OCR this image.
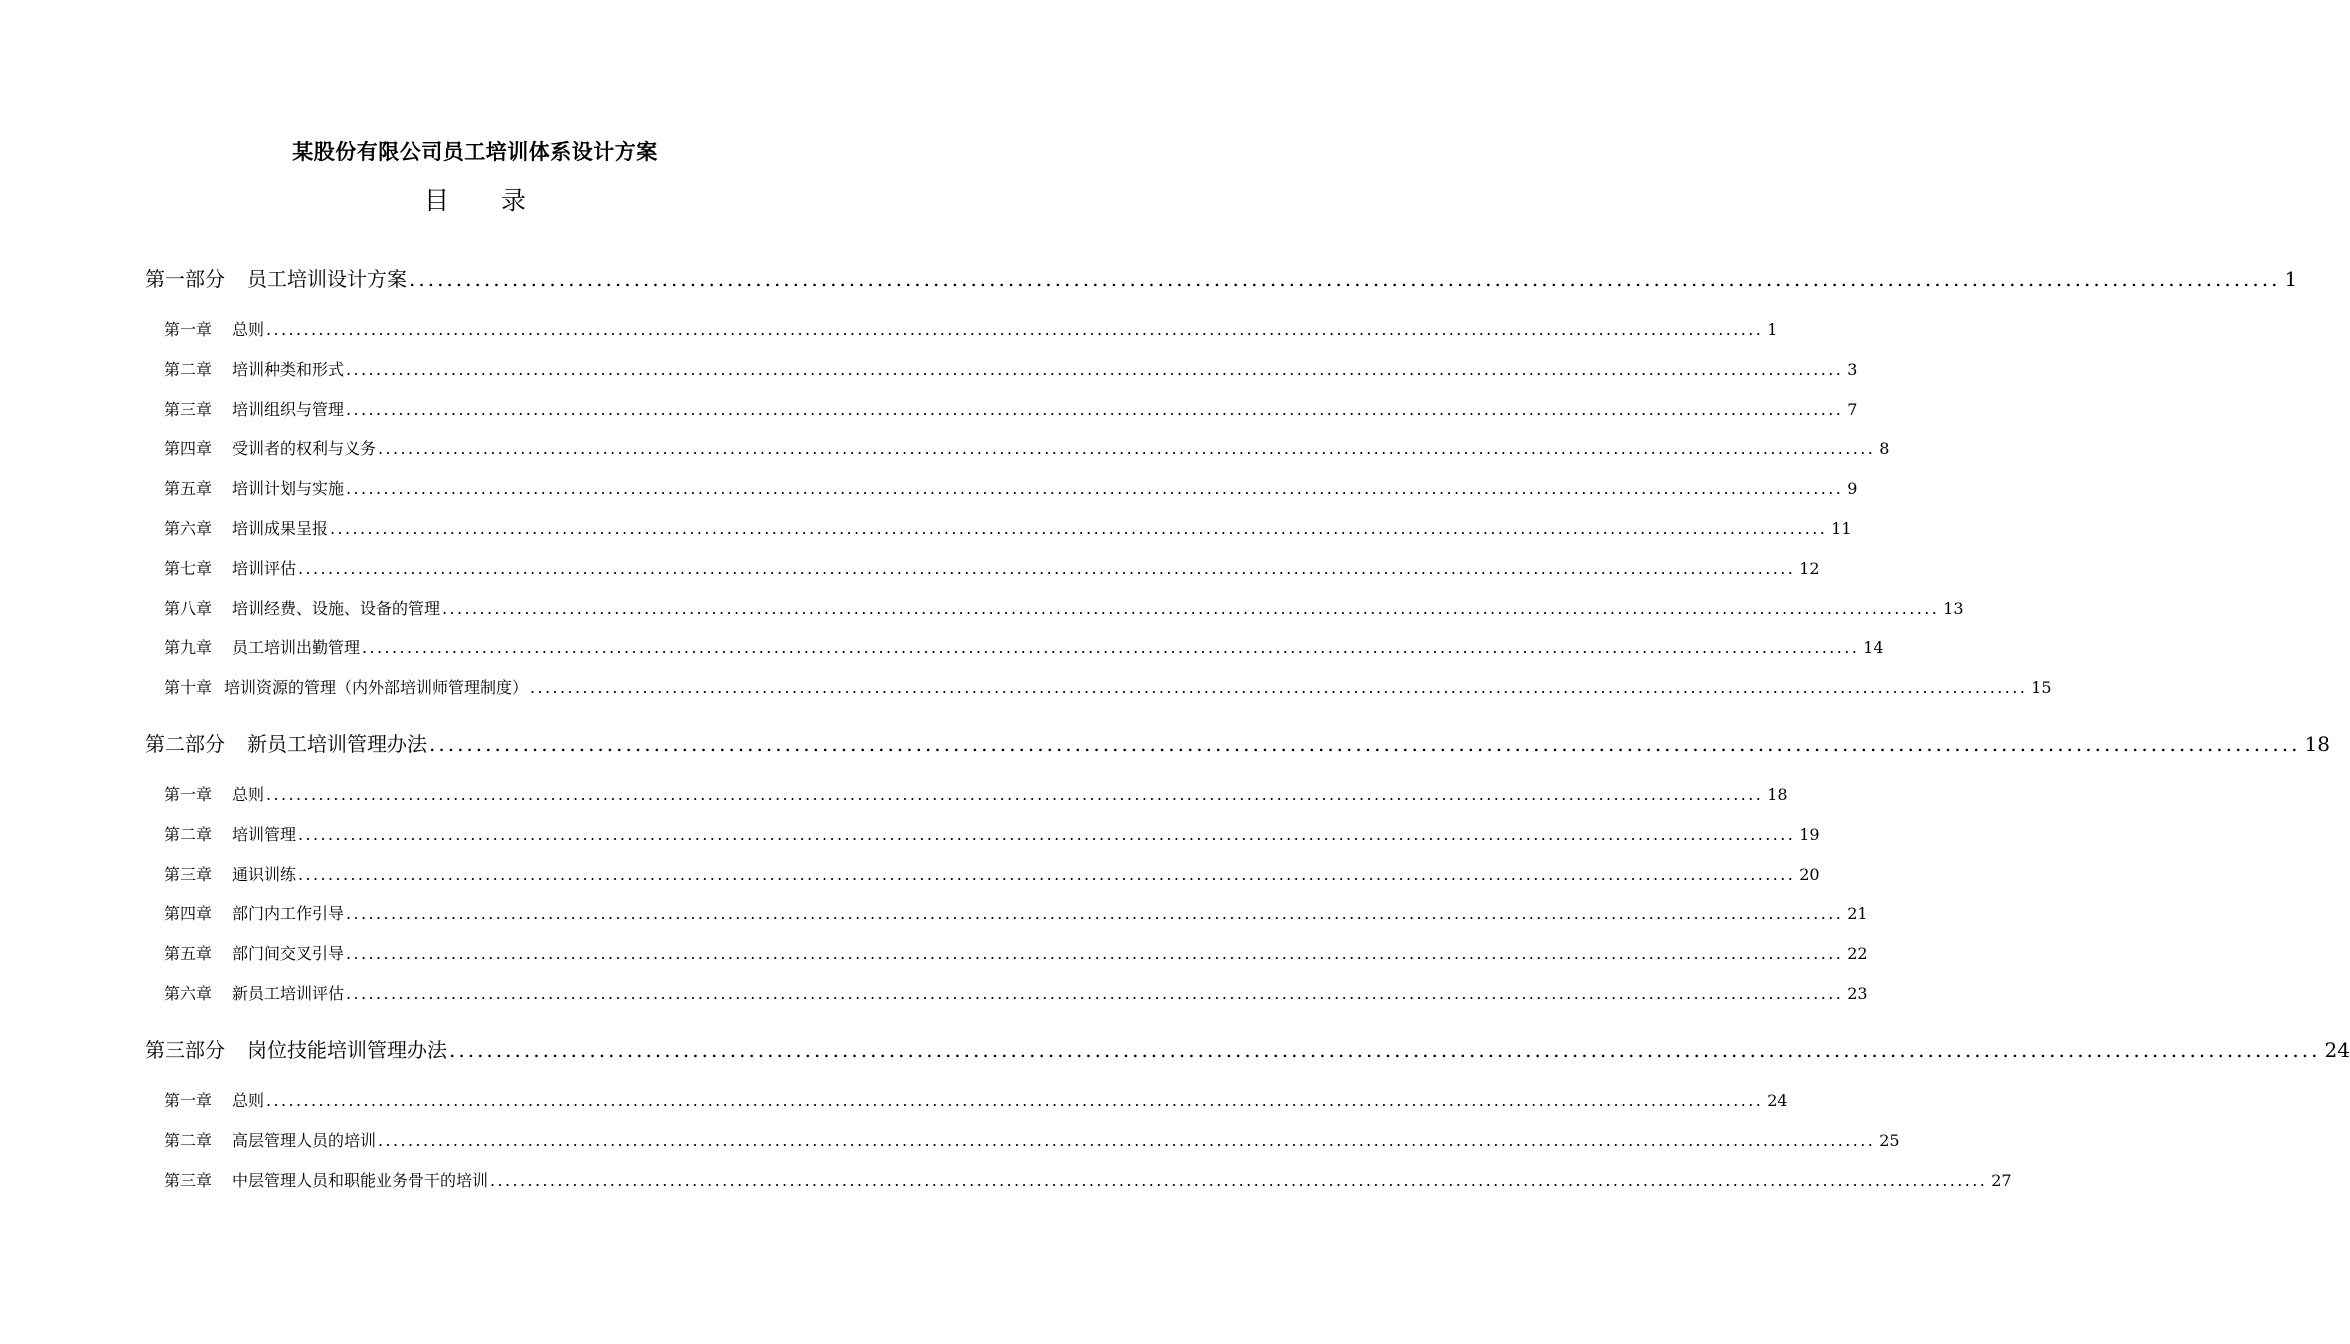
某股份有限公司员工培训体系设计方案
目 录
第一部分 员工培训设计方案 ........................................................................................................................................................................................................ 1
第一章 总则 ........................................................................................................................................................................................................ 1
第二章 培训种类和形式 ........................................................................................................................................................................................................ 3
第三章 培训组织与管理 ........................................................................................................................................................................................................ 7
第四章 受训者的权利与义务 ........................................................................................................................................................................................................ 8
第五章 培训计划与实施 ........................................................................................................................................................................................................ 9
第六章 培训成果呈报 ........................................................................................................................................................................................................ 11
第七章 培训评估 ........................................................................................................................................................................................................ 12
第八章 培训经费、设施、设备的管理 ........................................................................................................................................................................................................ 13
第九章 员工培训出勤管理 ........................................................................................................................................................................................................ 14
第十章 培训资源的管理（内外部培训师管理制度） ........................................................................................................................................................................................................ 15
第二部分 新员工培训管理办法 ........................................................................................................................................................................................................ 18
第一章 总则 ........................................................................................................................................................................................................ 18
第二章 培训管理 ........................................................................................................................................................................................................ 19
第三章 通识训练 ........................................................................................................................................................................................................ 20
第四章 部门内工作引导 ........................................................................................................................................................................................................ 21
第五章 部门间交叉引导 ........................................................................................................................................................................................................ 22
第六章 新员工培训评估 ........................................................................................................................................................................................................ 23
第三部分 岗位技能培训管理办法 ........................................................................................................................................................................................................ 24
第一章 总则 ........................................................................................................................................................................................................ 24
第二章 高层管理人员的培训 ........................................................................................................................................................................................................ 25
第三章 中层管理人员和职能业务骨干的培训 ........................................................................................................................................................................................................ 27
